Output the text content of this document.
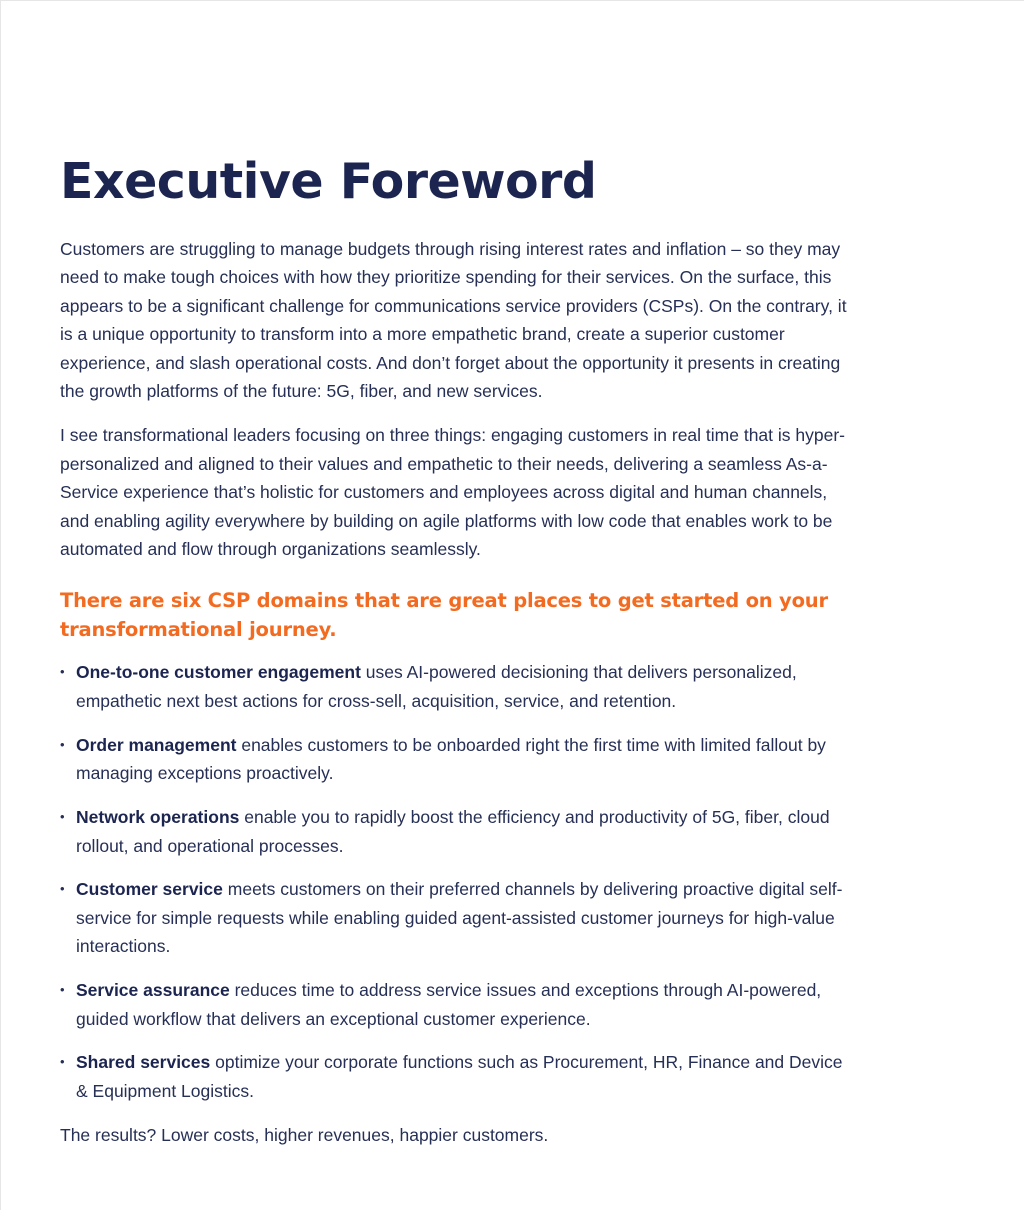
Executive Foreword

Customers are struggling to manage budgets through rising interest rates and inflation – so they may need to make tough choices with how they prioritize spending for their services. On the surface, this appears to be a significant challenge for communications service providers (CSPs). On the contrary, it is a unique opportunity to transform into a more empathetic brand, create a superior customer experience, and slash operational costs. And don’t forget about the opportunity it presents in creating the growth platforms of the future: 5G, fiber, and new services.

I see transformational leaders focusing on three things: engaging customers in real time that is hyper-personalized and aligned to their values and empathetic to their needs, delivering a seamless As-a-Service experience that’s holistic for customers and employees across digital and human channels, and enabling agility everywhere by building on agile platforms with low code that enables work to be automated and flow through organizations seamlessly.

There are six CSP domains that are great places to get started on your transformational journey.
• One-to-one customer engagement uses AI-powered decisioning that delivers personalized, empathetic next best actions for cross-sell, acquisition, service, and retention.
• Order management enables customers to be onboarded right the first time with limited fallout by managing exceptions proactively.
• Network operations enable you to rapidly boost the efficiency and productivity of 5G, fiber, cloud rollout, and operational processes.
• Customer service meets customers on their preferred channels by delivering proactive digital self-service for simple requests while enabling guided agent-assisted customer journeys for high-value interactions.
• Service assurance reduces time to address service issues and exceptions through AI-powered, guided workflow that delivers an exceptional customer experience.
• Shared services optimize your corporate functions such as Procurement, HR, Finance and Device & Equipment Logistics.

The results? Lower costs, higher revenues, happier customers.
